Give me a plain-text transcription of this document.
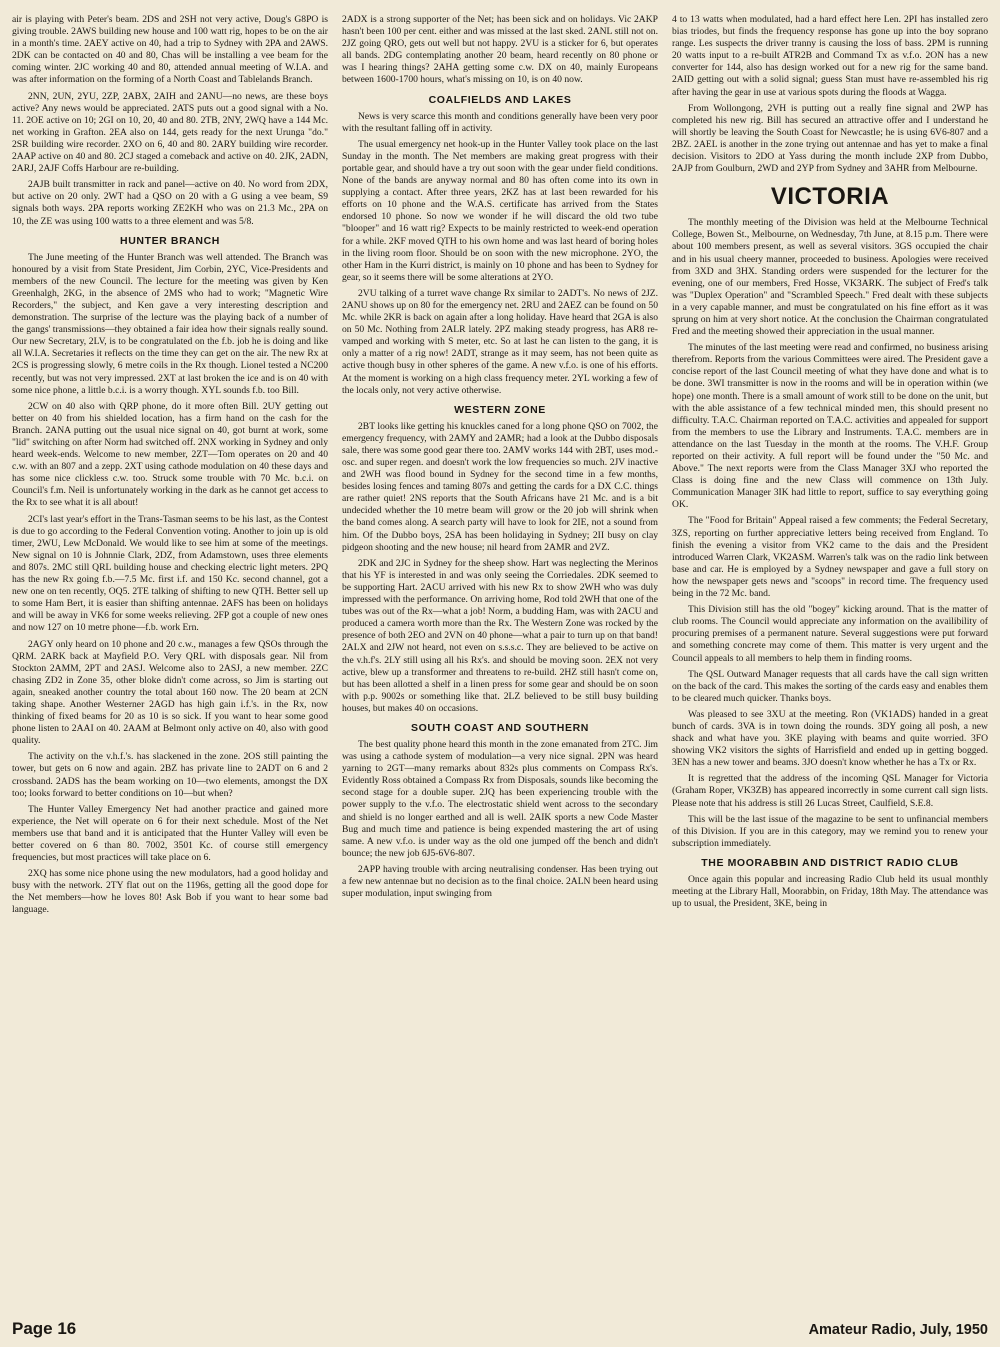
air is playing with Peter's beam. 2DS and 2SH not very active, Doug's G8PO is giving trouble. 2AWS building new house and 100 watt rig, hopes to be on the air in a month's time. 2AEY active on 40, had a trip to Sydney with 2PA and 2AWS. 2DK can be contacted on 40 and 80, Chas will be installing a vee beam for the coming winter. 2JC working 40 and 80, attended annual meeting of W.I.A. and was after information on the forming of a North Coast and Tablelands Branch.

2NN, 2UN, 2YU, 2ZP, 2ABX, 2AIH and 2ANU—no news, are these boys active? Any news would be appreciated. 2ATS puts out a good signal with a No. 11. 2OE active on 10; 2GI on 10, 20, 40 and 80. 2TB, 2NY, 2WQ have a 144 Mc. net working in Grafton. 2EA also on 144, gets ready for the next Urunga "do." 2SR building wire recorder. 2XO on 6, 40 and 80. 2ARY building wire recorder. 2AAP active on 40 and 80. 2CJ staged a comeback and active on 40. 2JK, 2ADN, 2ARJ, 2AJF Coffs Harbour are re-building.

2AJB built transmitter in rack and panel—active on 40. No word from 2DX, but active on 20 only. 2WT had a QSO on 20 with a G using a vee beam, S9 signals both ways. 2PA reports working ZE2KH who was on 21.3 Mc., 2PA on 10, the ZE was using 100 watts to a three element and was 5/8.

HUNTER BRANCH

The June meeting of the Hunter Branch was well attended. The Branch was honoured by a visit from State President, Jim Corbin, 2YC, Vice-Presidents and members of the new Council. The lecture for the meeting was given by Ken Greenhalgh, 2KG, in the absence of 2MS who had to work; "Magnetic Wire Recorders," the subject, and Ken gave a very interesting description and demonstration. The surprise of the lecture was the playing back of a number of the gangs' transmissions—they obtained a fair idea how their signals really sound. Our new Secretary, 2LV, is to be congratulated on the f.b. job he is doing and like all W.I.A. Secretaries it reflects on the time they can get on the air. The new Rx at 2CS is progressing slowly, 6 metre coils in the Rx though. Lionel tested a NC200 recently, but was not very impressed. 2XT at last broken the ice and is on 40 with some nice phone, a little b.c.i. is a worry though. XYL sounds f.b. too Bill.

2CW on 40 also with QRP phone, do it more often Bill. 2UY getting out better on 40 from his shielded location, has a firm hand on the cash for the Branch. 2ANA putting out the usual nice signal on 40, got burnt at work, some "lid" switching on after Norm had switched off. 2NX working in Sydney and only heard week-ends. Welcome to new member, 2ZT—Tom operates on 20 and 40 c.w. with an 807 and a zepp. 2XT using cathode modulation on 40 these days and has some nice clickless c.w. too. Struck some trouble with 70 Mc. b.c.i. on Council's f.m. Neil is unfortunately working in the dark as he cannot get access to the Rx to see what it is all about!

2CI's last year's effort in the Trans-Tasman seems to be his last, as the Contest is due to go according to the Federal Convention voting. Another to join up is old timer, 2WU, Lew McDonald. We would like to see him at some of the meetings. New signal on 10 is Johnnie Clark, 2DZ, from Adamstown, uses three elements and 807s. 2MC still QRL building house and checking electric light meters. 2PQ has the new Rx going f.b.—7.5 Mc. first i.f. and 150 Kc. second channel, got a new one on ten recently, OQ5. 2TE talking of shifting to new QTH. Better sell up to some Ham Bert, it is easier than shifting antennae. 2AFS has been on holidays and will be away in VK6 for some weeks relieving. 2FP got a couple of new ones and now 127 on 10 metre phone—f.b. work Ern.

2AGY only heard on 10 phone and 20 c.w., manages a few QSOs through the QRM. 2ARK back at Mayfield P.O. Very QRL with disposals gear. Nil from Stockton 2AMM, 2PT and 2ASJ. Welcome also to 2ASJ, a new member. 2ZC chasing ZD2 in Zone 35, other bloke didn't come across, so Jim is starting out again, sneaked another country the total about 160 now. The 20 beam at 2CN taking shape. Another Westerner 2AGD has high gain i.f.'s. in the Rx, now thinking of fixed beams for 20 as 10 is so sick. If you want to hear some good phone listen to 2AAI on 40. 2AAM at Belmont only active on 40, also with good quality.

The activity on the v.h.f.'s. has slackened in the zone. 2OS still painting the tower, but gets on 6 now and again. 2BZ has private line to 2ADT on 6 and 2 crossband. 2ADS has the beam working on 10—two elements, amongst the DX too; looks forward to better conditions on 10—but when?

The Hunter Valley Emergency Net had another practice and gained more experience, the Net will operate on 6 for their next schedule. Most of the Net members use that band and it is anticipated that the Hunter Valley will even be better covered on 6 than 80. 7002, 3501 Kc. of course still emergency frequencies, but most practices will take place on 6.

2XQ has some nice phone using the new modulators, had a good holiday and busy with the network. 2TY flat out on the 1196s, getting all the good dope for the Net members—how he loves 80! Ask Bob if you want to hear some bad language.

2ADX is a strong supporter of the Net; has been sick and on holidays. Vic 2AKP hasn't been 100 per cent. either and was missed at the last sked. 2ANL still not on. 2JZ going QRO, gets out well but not happy. 2VU is a sticker for 6, but operates all bands. 2DG contemplating another 20 beam, heard recently on 80 phone or was I hearing things? 2AHA getting some c.w. DX on 40, mainly Europeans between 1600-1700 hours, what's missing on 10, is on 40 now.

COALFIELDS AND LAKES

News is very scarce this month and conditions generally have been very poor with the resultant falling off in activity.

The usual emergency net hook-up in the Hunter Valley took place on the last Sunday in the month. The Net members are making great progress with their portable gear, and should have a try out soon with the gear under field conditions. None of the bands are anyway normal and 80 has often come into its own in supplying a contact. After three years, 2KZ has at last been rewarded for his efforts on 10 phone and the W.A.S. certificate has arrived from the States endorsed 10 phone. So now we wonder if he will discard the old two tube "blooper" and 16 watt rig? Expects to be mainly restricted to week-end operation for a while. 2KF moved QTH to his own home and was last heard of boring holes in the living room floor. Should be on soon with the new microphone. 2YO, the other Ham in the Kurri district, is mainly on 10 phone and has been to Sydney for gear, so it seems there will be some alterations at 2YO.

2VU talking of a turret wave change Rx similar to 2ADT's. No news of 2JZ. 2ANU shows up on 80 for the emergency net. 2RU and 2AEZ can be found on 50 Mc. while 2KR is back on again after a long holiday. Have heard that 2GA is also on 50 Mc. Nothing from 2ALR lately. 2PZ making steady progress, has AR8 re-vamped and working with S meter, etc. So at last he can listen to the gang, it is only a matter of a rig now! 2ADT, strange as it may seem, has not been quite as active though busy in other spheres of the game. A new v.f.o. is one of his efforts. At the moment is working on a high class frequency meter. 2YL working a few of the locals only, not very active otherwise.

WESTERN ZONE

2BT looks like getting his knuckles caned for a long phone QSO on 7002, the emergency frequency, with 2AMY and 2AMR; had a look at the Dubbo disposals sale, there was some good gear there too. 2AMV works 144 with 2BT, uses mod.-osc. and super regen. and doesn't work the low frequencies so much. 2JV inactive and 2WH was flood bound in Sydney for the second time in a few months, besides losing fences and taming 807s and getting the cards for a DX C.C. things are rather quiet! 2NS reports that the South Africans have 21 Mc. and is a bit undecided whether the 10 metre beam will grow or the 20 job will shrink when the band comes along. A search party will have to look for 2IE, not a sound from him. Of the Dubbo boys, 2SA has been holidaying in Sydney; 2II busy on clay pidgeon shooting and the new house; nil heard from 2AMR and 2VZ.

2DK and 2JC in Sydney for the sheep show. Hart was neglecting the Merinos that his YF is interested in and was only seeing the Corriedales. 2DK seemed to be supporting Hart. 2ACU arrived with his new Rx to show 2WH who was duly impressed with the performance. On arriving home, Rod told 2WH that one of the tubes was out of the Rx—what a job! Norm, a budding Ham, was with 2ACU and produced a camera worth more than the Rx. The Western Zone was rocked by the presence of both 2EO and 2VN on 40 phone—what a pair to turn up on that band! 2ALX and 2JW not heard, not even on s.s.s.c. They are believed to be active on the v.h.f's. 2LY still using all his Rx's. and should be moving soon. 2EX not very active, blew up a transformer and threatens to re-build. 2HZ still hasn't come on, but has been allotted a shelf in a linen press for some gear and should be on soon with p.p. 9002s or something like that. 2LZ believed to be still busy building houses, but makes 40 on occasions.

SOUTH COAST AND SOUTHERN

The best quality phone heard this month in the zone emanated from 2TC. Jim was using a cathode system of modulation—a very nice signal. 2PN was heard yarning to 2GT—many remarks about 832s plus comments on Compass Rx's. Evidently Ross obtained a Compass Rx from Disposals, sounds like becoming the second stage for a double super. 2JQ has been experiencing trouble with the power supply to the v.f.o. The electrostatic shield went across to the secondary and shield is no longer earthed and all is well. 2AIK sports a new Code Master Bug and much time and patience is being expended mastering the art of using same. A new v.f.o. is under way as the old one jumped off the bench and didn't bounce; the new job 6J5-6V6-807.

2APP having trouble with arcing neutralising condenser. Has been trying out a few new antennae but no decision as to the final choice. 2ALN been heard using super modulation, input swinging from

4 to 13 watts when modulated, had a hard effect here Len. 2PI has installed zero bias triodes, but finds the frequency response has gone up into the boy soprano range. Les suspects the driver tranny is causing the loss of bass. 2PM is running 20 watts input to a re-built ATR2B and Command Tx as v.f.o. 2ON has a new converter for 144, also has design worked out for a new rig for the same band. 2AID getting out with a solid signal; guess Stan must have re-assembled his rig after having the gear in use at various spots during the floods at Wagga.

From Wollongong, 2VH is putting out a really fine signal and 2WP has completed his new rig. Bill has secured an attractive offer and I understand he will shortly be leaving the South Coast for Newcastle; he is using 6V6-807 and a 2BZ. 2AEL is another in the zone trying out antennae and has yet to make a final decision. Visitors to 2DO at Yass during the month include 2XP from Dubbo, 2AJP from Goulburn, 2WD and 2YP from Sydney and 3AHR from Melbourne.

VICTORIA

The monthly meeting of the Division was held at the Melbourne Technical College, Bowen St., Melbourne, on Wednesday, 7th June, at 8.15 p.m. There were about 100 members present, as well as several visitors. 3GS occupied the chair and in his usual cheery manner, proceeded to business. Apologies were received from 3XD and 3HX. Standing orders were suspended for the lecturer for the evening, one of our members, Fred Hosse, VK3ARK. The subject of Fred's talk was "Duplex Operation" and "Scrambled Speech." Fred dealt with these subjects in a very capable manner, and must be congratulated on his fine effort as it was sprung on him at very short notice. At the conclusion the Chairman congratulated Fred and the meeting showed their appreciation in the usual manner.

The minutes of the last meeting were read and confirmed, no business arising therefrom. Reports from the various Committees were aired. The President gave a concise report of the last Council meeting of what they have done and what is to be done. 3WI transmitter is now in the rooms and will be in operation within (we hope) one month. There is a small amount of work still to be done on the unit, but with the able assistance of a few technical minded men, this should present no difficulty. T.A.C. Chairman reported on T.A.C. activities and appealed for support from the members to use the Library and Instruments. T.A.C. members are in attendance on the last Tuesday in the month at the rooms. The V.H.F. Group reported on their activity. A full report will be found under the "50 Mc. and Above." The next reports were from the Class Manager 3XJ who reported the Class is doing fine and the new Class will commence on 13th July. Communication Manager 3IK had little to report, suffice to say everything going OK.

The "Food for Britain" Appeal raised a few comments; the Federal Secretary, 3ZS, reporting on further appreciative letters being received from England. To finish the evening a visitor from VK2 came to the dais and the President introduced Warren Clark, VK2ASM. Warren's talk was on the radio link between base and car. He is employed by a Sydney newspaper and gave a full story on how the newspaper gets news and "scoops" in record time. The frequency used being in the 72 Mc. band.

This Division still has the old "bogey" kicking around. That is the matter of club rooms. The Council would appreciate any information on the availibility of procuring premises of a permanent nature. Several suggestions were put forward and something concrete may come of them. This matter is very urgent and the Council appeals to all members to help them in finding rooms.

The QSL Outward Manager requests that all cards have the call sign written on the back of the card. This makes the sorting of the cards easy and enables them to be cleared much quicker. Thanks boys.

Was pleased to see 3XU at the meeting. Ron (VK1ADS) handed in a great bunch of cards. 3VA is in town doing the rounds. 3DY going all posh, a new shack and what have you. 3KE playing with beams and quite worried. 3FO showing VK2 visitors the sights of Harrisfield and ended up in getting bogged. 3EN has a new tower and beams. 3JO doesn't know whether he has a Tx or Rx.

It is regretted that the address of the incoming QSL Manager for Victoria (Graham Roper, VK3ZB) has appeared incorrectly in some current call sign lists. Please note that his address is still 26 Lucas Street, Caulfield, S.E.8.

This will be the last issue of the magazine to be sent to unfinancial members of this Division. If you are in this category, may we remind you to renew your subscription immediately.

THE MOORABBIN AND DISTRICT RADIO CLUB

Once again this popular and increasing Radio Club held its usual monthly meeting at the Library Hall, Moorabbin, on Friday, 18th May. The attendance was up to usual, the President, 3KE, being in

Page 16	Amateur Radio, July, 1950
